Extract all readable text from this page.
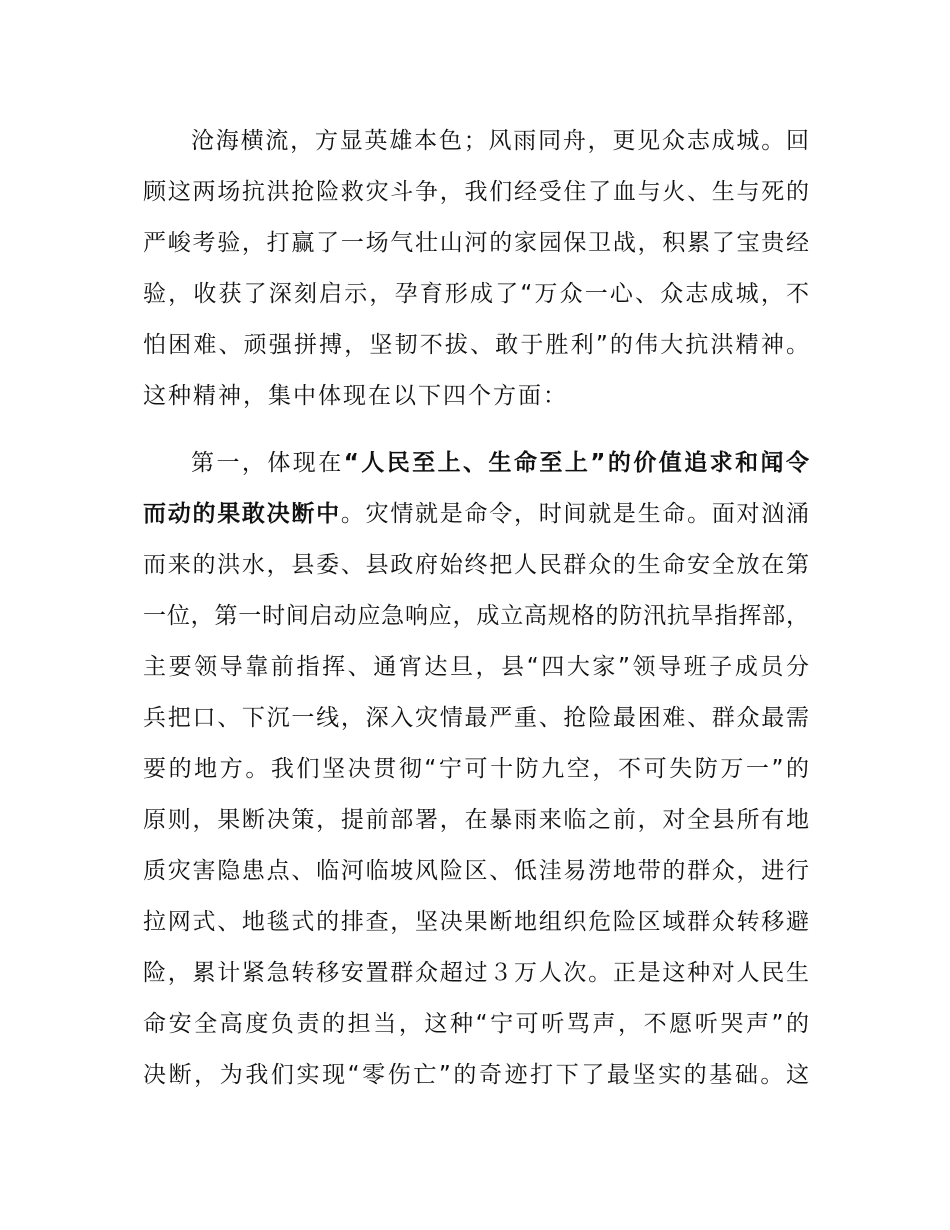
沧海横流，方显英雄本色；风雨同舟，更见众志成城。回
顾这两场抗洪抢险救灾斗争，我们经受住了血与火、生与死的
严峻考验，打赢了一场气壮山河的家园保卫战，积累了宝贵经
验，收获了深刻启示，孕育形成了“万众一心、众志成城，不
怕困难、顽强拼搏，坚韧不拔、敢于胜利”的伟大抗洪精神。
这种精神，集中体现在以下四个方面：
第一，体现在“人民至上、生命至上”的价值追求和闻令
而动的果敢决断中。灾情就是命令，时间就是生命。面对汹涌
而来的洪水，县委、县政府始终把人民群众的生命安全放在第
一位，第一时间启动应急响应，成立高规格的防汛抗旱指挥部，
主要领导靠前指挥、通宵达旦，县“四大家”领导班子成员分
兵把口、下沉一线，深入灾情最严重、抢险最困难、群众最需
要的地方。我们坚决贯彻“宁可十防九空，不可失防万一”的
原则，果断决策，提前部署，在暴雨来临之前，对全县所有地
质灾害隐患点、临河临坡风险区、低洼易涝地带的群众，进行
拉网式、地毯式的排查，坚决果断地组织危险区域群众转移避
险，累计紧急转移安置群众超过３万人次。正是这种对人民生
命安全高度负责的担当，这种“宁可听骂声，不愿听哭声”的
决断，为我们实现“零伤亡”的奇迹打下了最坚实的基础。这
